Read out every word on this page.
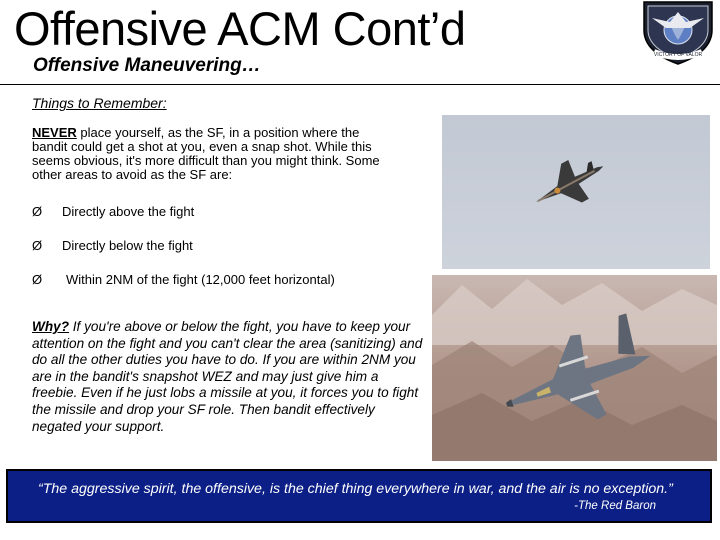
Offensive ACM Cont’d
Offensive Maneuvering…	VICTORY OF VALOR
Things to Remember:
NEVER place yourself, as the SF, in a position where the bandit could get a shot at you, even a snap shot. While this seems obvious, it's more difficult than you might think. Some other areas to avoid as the SF are:
Ø Directly above the fight
Ø Directly below the fight
Ø Within 2NM of the fight (12,000 feet horizontal)
Why? If you're above or below the fight, you have to keep your attention on the fight and you can't clear the area (sanitizing) and do all the other duties you have to do. If you are within 2NM you are in the bandit's snapshot WEZ and may just give him a freebie. Even if he just lobs a missile at you, it forces you to fight the missile and drop your SF role. Then bandit effectively negated your support.
“The aggressive spirit, the offensive, is the chief thing everywhere in war, and the air is no exception.”
-The Red Baron
